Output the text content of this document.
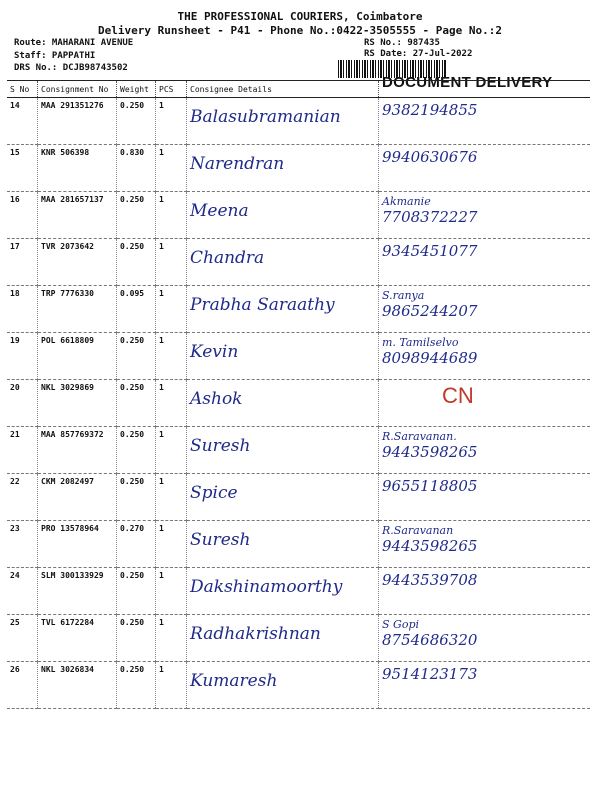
THE PROFESSIONAL COURIERS, Coimbatore
Delivery Runsheet - P41 - Phone No.:0422-3505555 - Page No.:2
Route: MAHARANI AVENUE
Staff: PAPPATHI
DRS No.: DCJB98743502
RS No.: 987435
RS Date: 27-Jul-2022
DOCUMENT DELIVERY
S No	Consignment No	Weight	PCS	Consignee Details	
14	MAA 291351276	0.250	1	Balasubramanian	9382194855

15	KNR 506398	0.830	1	Narendran	9940630676

16	MAA 281657137	0.250	1	Meena	Akmanie
7708372227

17	TVR 2073642	0.250	1	Chandra	9345451077

18	TRP 7776330	0.095	1	Prabha Saraathy	S.ranya
9865244207

19	POL 6618809	0.250	1	Kevin	m. Tamilselvo
8098944689

20	NKL 3029869	0.250	1	Ashok	CN

21	MAA 857769372	0.250	1	Suresh	R.Saravanan.
9443598265

22	CKM 2082497	0.250	1	Spice	9655118805

23	PRO 13578964	0.270	1	Suresh	R.Saravanan
9443598265

24	SLM 300133929	0.250	1	Dakshinamoorthy	9443539708

25	TVL 6172284	0.250	1	Radhakrishnan	S Gopi
8754686320

26	NKL 3026834	0.250	1	Kumaresh	9514123173
